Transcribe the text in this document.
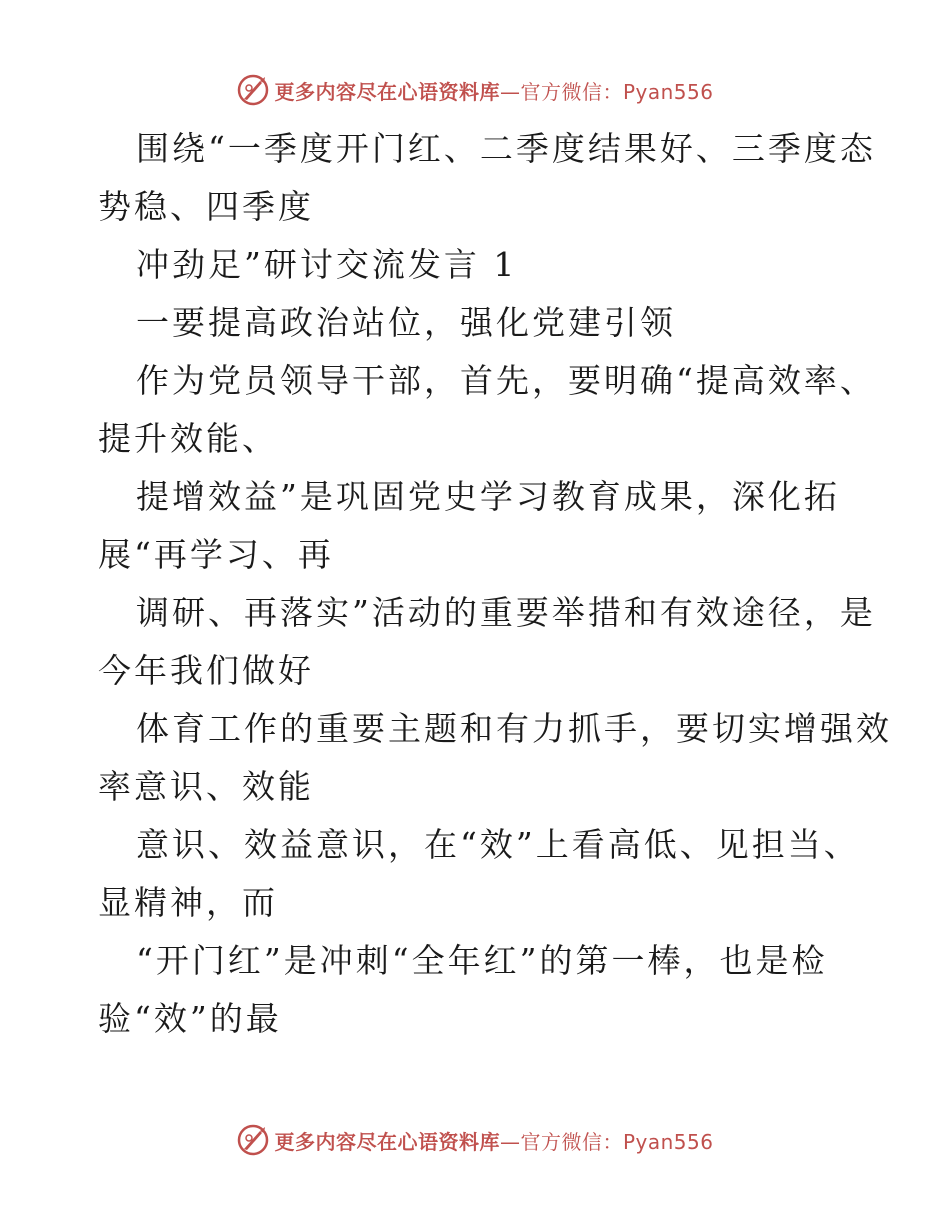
更多内容尽在心语资料库—官方微信：Pyan556
围绕“一季度开门红、二季度结果好、三季度态
势稳、四季度
冲劲足”研讨交流发言 1
一要提高政治站位，强化党建引领
作为党员领导干部，首先，要明确“提高效率、
提升效能、
提增效益”是巩固党史学习教育成果，深化拓
展“再学习、再
调研、再落实”活动的重要举措和有效途径，是
今年我们做好
体育工作的重要主题和有力抓手，要切实增强效
率意识、效能
意识、效益意识，在“效”上看高低、见担当、
显精神，而
“开门红”是冲刺“全年红”的第一棒，也是检
验“效”的最
更多内容尽在心语资料库—官方微信：Pyan556
